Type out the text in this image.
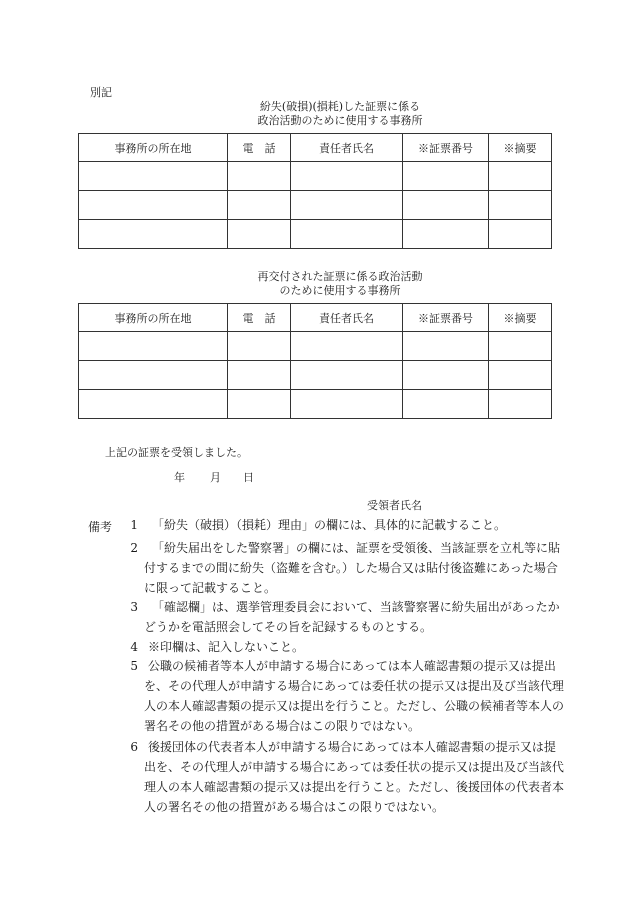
別記
紛失(破損)(損耗)した証票に係る
政治活動のために使用する事務所
事務所の所在地	電　話	責任者氏名	※証票番号	※摘要

再交付された証票に係る政治活動
のために使用する事務所
事務所の所在地	電　話	責任者氏名	※証票番号	※摘要

上記の証票を受領しました。
年 月 日
受領者氏名
備考	1 「紛失（破損）（損耗）理由」の欄には、具体的に記載すること。
2 「紛失届出をした警察署」の欄には、証票を受領後、当該証票を立札等に貼
付するまでの間に紛失（盗難を含む。）した場合又は貼付後盗難にあった場合
に限って記載すること。
3 「確認欄」は、選挙管理委員会において、当該警察署に紛失届出があったか
どうかを電話照会してその旨を記録するものとする。
4 ※印欄は、記入しないこと。
5 公職の候補者等本人が申請する場合にあっては本人確認書類の提示又は提出
を、その代理人が申請する場合にあっては委任状の提示又は提出及び当該代理
人の本人確認書類の提示又は提出を行うこと。ただし、公職の候補者等本人の
署名その他の措置がある場合はこの限りではない。
6 後援団体の代表者本人が申請する場合にあっては本人確認書類の提示又は提
出を、その代理人が申請する場合にあっては委任状の提示又は提出及び当該代
理人の本人確認書類の提示又は提出を行うこと。ただし、後援団体の代表者本
人の署名その他の措置がある場合はこの限りではない。
